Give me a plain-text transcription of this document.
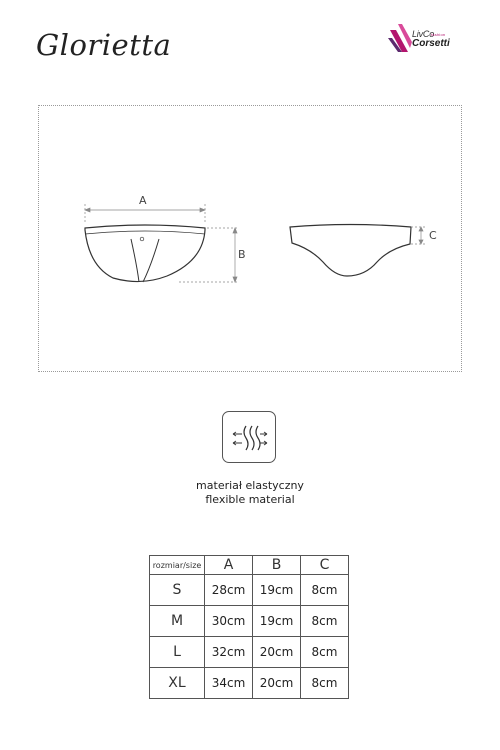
Glorietta	LivCo
fashion
Corsetti
A
B
C
materiał elastyczny
flexible material
rozmiar/size	A	B	C
S	28cm	19cm	8cm
M	30cm	19cm	8cm
L	32cm	20cm	8cm
XL	34cm	20cm	8cm
